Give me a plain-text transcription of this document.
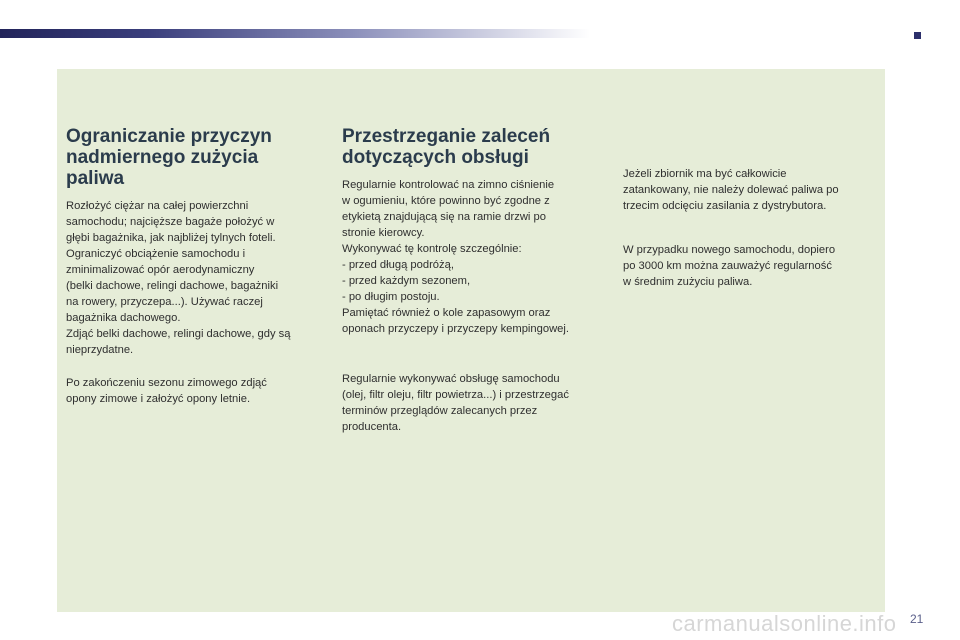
Ograniczanie przyczyn
nadmiernego zużycia
paliwa

Rozłożyć ciężar na całej powierzchni
samochodu; najcięższe bagaże położyć w
głębi bagażnika, jak najbliżej tylnych foteli.
Ograniczyć obciążenie samochodu i
zminimalizować opór aerodynamiczny
(belki dachowe, relingi dachowe, bagażniki
na rowery, przyczepa...). Używać raczej
bagażnika dachowego.
Zdjąć belki dachowe, relingi dachowe, gdy są
nieprzydatne.

Po zakończeniu sezonu zimowego zdjąć
opony zimowe i założyć opony letnie.

Przestrzeganie zaleceń
dotyczących obsługi

Regularnie kontrolować na zimno ciśnienie
w ogumieniu, które powinno być zgodne z
etykietą znajdującą się na ramie drzwi po
stronie kierowcy.
Wykonywać tę kontrolę szczególnie:
- przed długą podróżą,
- przed każdym sezonem,
- po długim postoju.
Pamiętać również o kole zapasowym oraz
oponach przyczepy i przyczepy kempingowej.

Regularnie wykonywać obsługę samochodu
(olej, filtr oleju, filtr powietrza...) i przestrzegać
terminów przeglądów zalecanych przez
producenta.

Jeżeli zbiornik ma być całkowicie
zatankowany, nie należy dolewać paliwa po
trzecim odcięciu zasilania z dystrybutora.

W przypadku nowego samochodu, dopiero
po 3000 km można zauważyć regularność
w średnim zużyciu paliwa.

carmanualsonline.info 21
